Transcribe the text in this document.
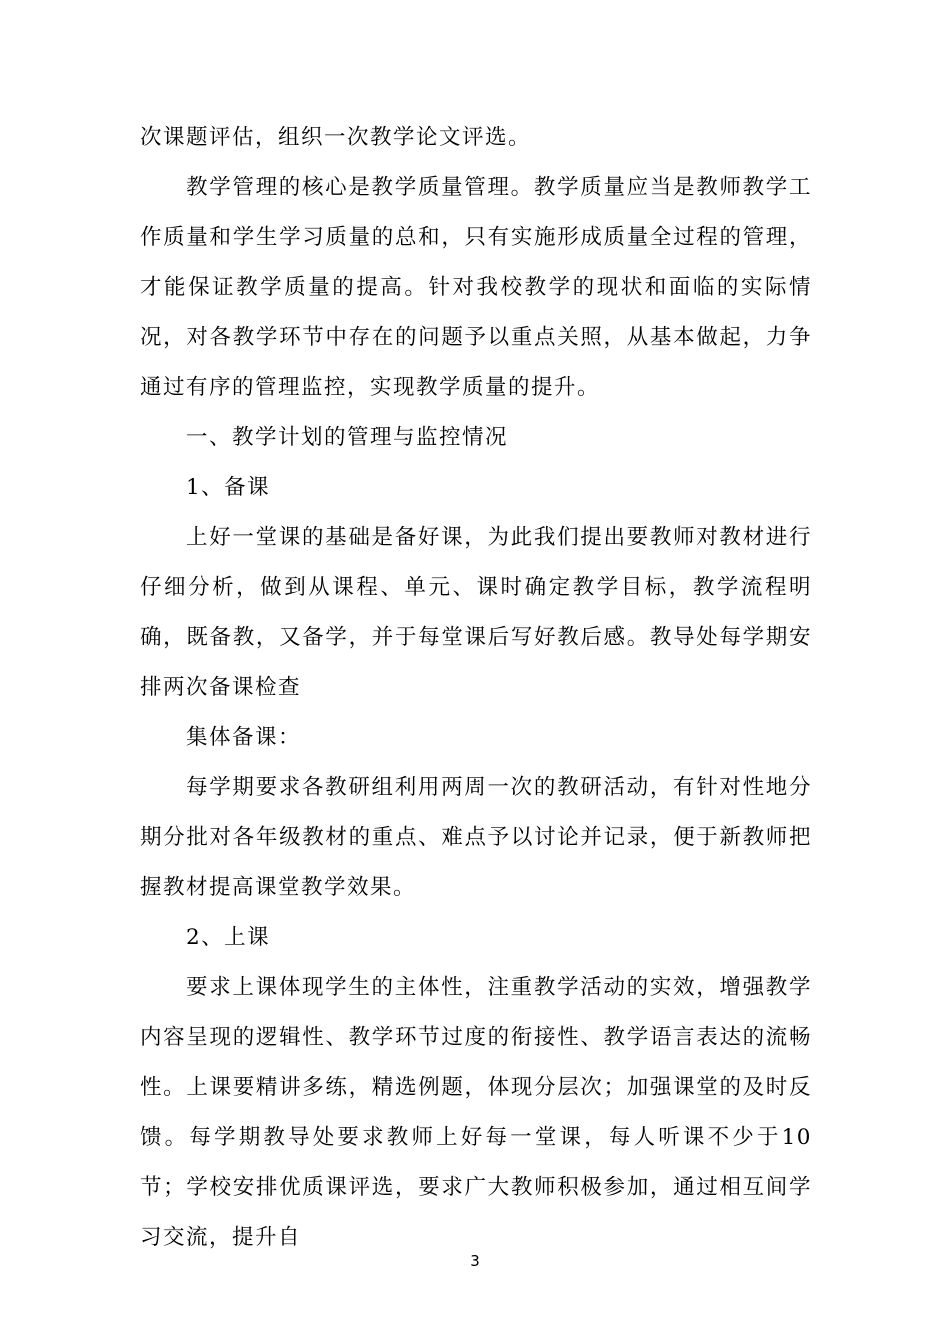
次课题评估，组织一次教学论文评选。

教学管理的核心是教学质量管理。教学质量应当是教师教学工作质量和学生学习质量的总和，只有实施形成质量全过程的管理，才能保证教学质量的提高。针对我校教学的现状和面临的实际情况，对各教学环节中存在的问题予以重点关照，从基本做起，力争通过有序的管理监控，实现教学质量的提升。

一、教学计划的管理与监控情况

1、备课

上好一堂课的基础是备好课，为此我们提出要教师对教材进行仔细分析，做到从课程、单元、课时确定教学目标，教学流程明确，既备教，又备学，并于每堂课后写好教后感。教导处每学期安排两次备课检查

集体备课：

每学期要求各教研组利用两周一次的教研活动，有针对性地分期分批对各年级教材的重点、难点予以讨论并记录，便于新教师把握教材提高课堂教学效果。

2、上课

要求上课体现学生的主体性，注重教学活动的实效，增强教学内容呈现的逻辑性、教学环节过度的衔接性、教学语言表达的流畅性。上课要精讲多练，精选例题，体现分层次；加强课堂的及时反馈。每学期教导处要求教师上好每一堂课，每人听课不少于10节；学校安排优质课评选，要求广大教师积极参加，通过相互间学习交流，提升自

3
